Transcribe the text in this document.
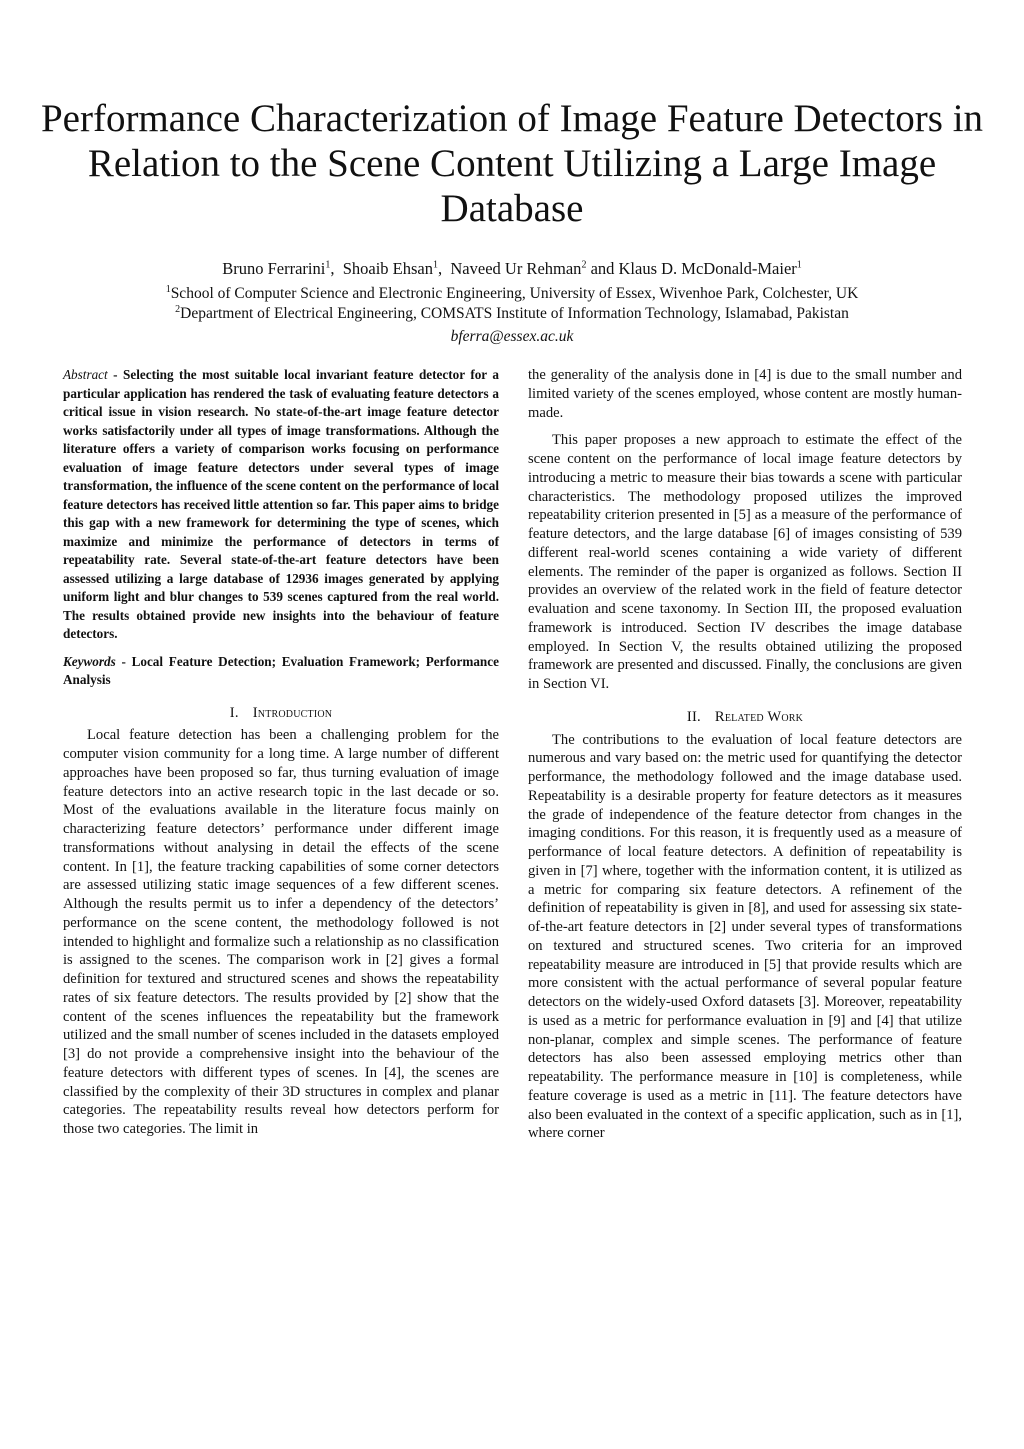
Performance Characterization of Image Feature Detectors in Relation to the Scene Content Utilizing a Large Image Database
Bruno Ferrarini$^1$, Shoaib Ehsan$^1$, Naveed Ur Rehman$^2$ and Klaus D. McDonald-Maier$^1$
$^1$School of Computer Science and Electronic Engineering, University of Essex, Wivenhoe Park, Colchester, UK
$^2$Department of Electrical Engineering, COMSATS Institute of Information Technology, Islamabad, Pakistan
bferra@essex.ac.uk

Abstract - Selecting the most suitable local invariant feature detector for a particular application has rendered the task of evaluating feature detectors a critical issue in vision research. No state-of-the-art image feature detector works satisfactorily under all types of image transformations. Although the literature offers a variety of comparison works focusing on performance evaluation of image feature detectors under several types of image transformation, the influence of the scene content on the performance of local feature detectors has received little attention so far. This paper aims to bridge this gap with a new framework for determining the type of scenes, which maximize and minimize the performance of detectors in terms of repeatability rate. Several state-of-the-art feature detectors have been assessed utilizing a large database of 12936 images generated by applying uniform light and blur changes to 539 scenes captured from the real world. The results obtained provide new insights into the behaviour of feature detectors.

Keywords - Local Feature Detection; Evaluation Framework; Performance Analysis

I. Introduction

Local feature detection has been a challenging problem for the computer vision community for a long time. A large number of different approaches have been proposed so far, thus turning evaluation of image feature detectors into an active research topic in the last decade or so. Most of the evaluations available in the literature focus mainly on characterizing feature detectors’ performance under different image transformations without analysing in detail the effects of the scene content. In [1], the feature tracking capabilities of some corner detectors are assessed utilizing static image sequences of a few different scenes. Although the results permit us to infer a dependency of the detectors’ performance on the scene content, the methodology followed is not intended to highlight and formalize such a relationship as no classification is assigned to the scenes. The comparison work in [2] gives a formal definition for textured and structured scenes and shows the repeatability rates of six feature detectors. The results provided by [2] show that the content of the scenes influences the repeatability but the framework utilized and the small number of scenes included in the datasets employed [3] do not provide a comprehensive insight into the behaviour of the feature detectors with different types of scenes. In [4], the scenes are classified by the complexity of their 3D structures in complex and planar categories. The repeatability results reveal how detectors perform for those two categories. The limit in

the generality of the analysis done in [4] is due to the small number and limited variety of the scenes employed, whose content are mostly human-made.

This paper proposes a new approach to estimate the effect of the scene content on the performance of local image feature detectors by introducing a metric to measure their bias towards a scene with particular characteristics. The methodology proposed utilizes the improved repeatability criterion presented in [5] as a measure of the performance of feature detectors, and the large database [6] of images consisting of 539 different real-world scenes containing a wide variety of different elements. The reminder of the paper is organized as follows. Section II provides an overview of the related work in the field of feature detector evaluation and scene taxonomy. In Section III, the proposed evaluation framework is introduced. Section IV describes the image database employed. In Section V, the results obtained utilizing the proposed framework are presented and discussed. Finally, the conclusions are given in Section VI.

II. Related Work

The contributions to the evaluation of local feature detectors are numerous and vary based on: the metric used for quantifying the detector performance, the methodology followed and the image database used. Repeatability is a desirable property for feature detectors as it measures the grade of independence of the feature detector from changes in the imaging conditions. For this reason, it is frequently used as a measure of performance of local feature detectors. A definition of repeatability is given in [7] where, together with the information content, it is utilized as a metric for comparing six feature detectors. A refinement of the definition of repeatability is given in [8], and used for assessing six state-of-the-art feature detectors in [2] under several types of transformations on textured and structured scenes. Two criteria for an improved repeatability measure are introduced in [5] that provide results which are more consistent with the actual performance of several popular feature detectors on the widely-used Oxford datasets [3]. Moreover, repeatability is used as a metric for performance evaluation in [9] and [4] that utilize non-planar, complex and simple scenes. The performance of feature detectors has also been assessed employing metrics other than repeatability. The performance measure in [10] is completeness, while feature coverage is used as a metric in [11]. The feature detectors have also been evaluated in the context of a specific application, such as in [1], where corner
